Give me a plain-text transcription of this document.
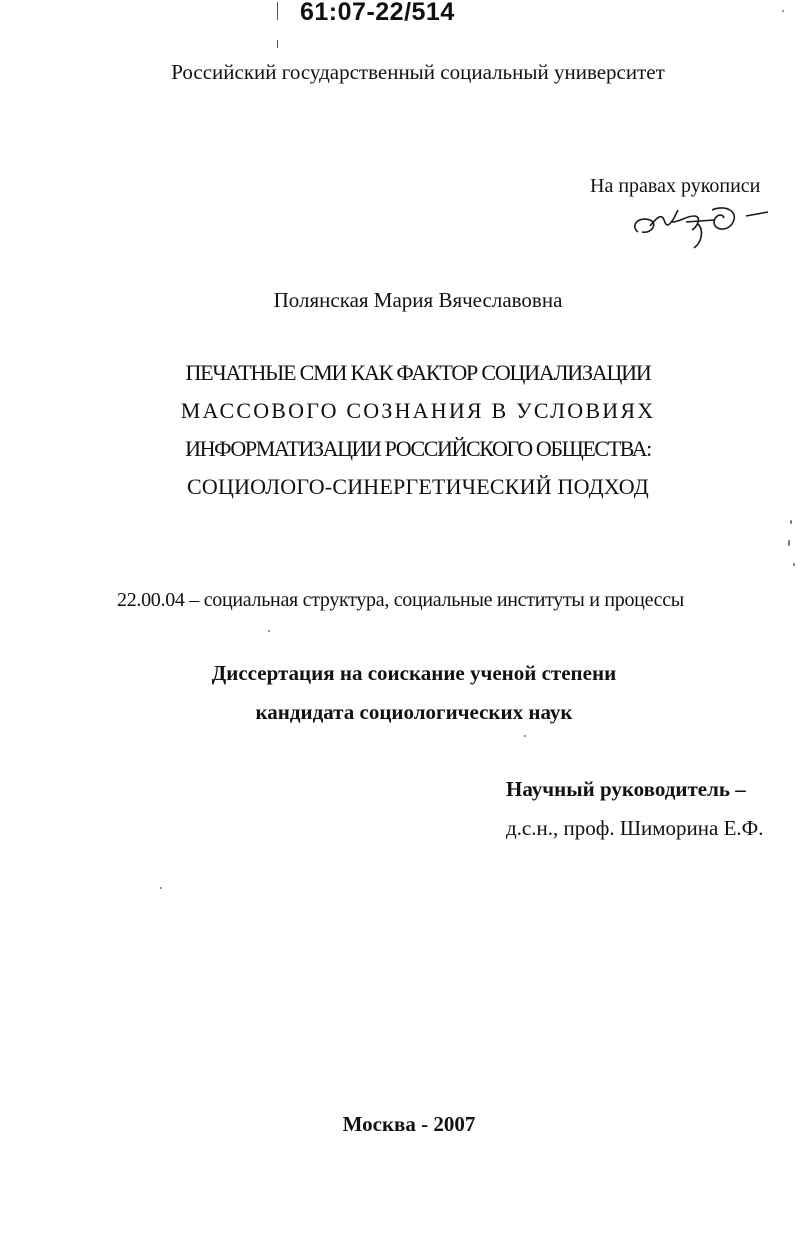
61:07-22/514
Российский государственный социальный университет
На правах рукописи
Полянская Мария Вячеславовна
ПЕЧАТНЫЕ СМИ КАК ФАКТОР СОЦИАЛИЗАЦИИ
МАССОВОГО СОЗНАНИЯ В УСЛОВИЯХ
ИНФОРМАТИЗАЦИИ РОССИЙСКОГО ОБЩЕСТВА:
СОЦИОЛОГО-СИНЕРГЕТИЧЕСКИЙ ПОДХОД
22.00.04 – социальная структура, социальные институты и процессы
Диссертация на соискание ученой степени
кандидата социологических наук
Научный руководитель –
д.с.н., проф. Шиморина Е.Ф.
Москва - 2007
